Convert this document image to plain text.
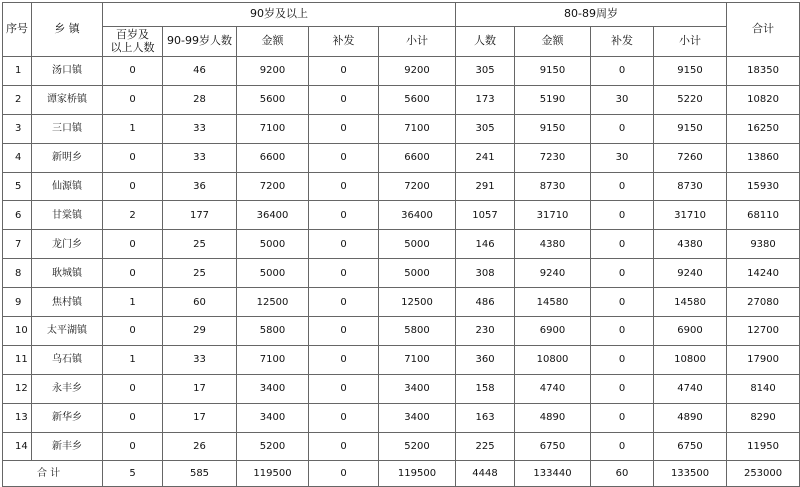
序号	乡 镇	90岁及以上					80-89周岁				合计

		百岁及
以上人数	90-99岁人数	金额	补发	小计	人数	金额	补发	小计	
1	汤口镇	0	46	9200	0	9200	305	9150	0	9150	18350
2	谭家桥镇	0	28	5600	0	5600	173	5190	30	5220	10820
3	三口镇	1	33	7100	0	7100	305	9150	0	9150	16250
4	新明乡	0	33	6600	0	6600	241	7230	30	7260	13860
5	仙源镇	0	36	7200	0	7200	291	8730	0	8730	15930
6	甘棠镇	2	177	36400	0	36400	1057	31710	0	31710	68110
7	龙门乡	0	25	5000	0	5000	146	4380	0	4380	9380
8	耿城镇	0	25	5000	0	5000	308	9240	0	9240	14240
9	焦村镇	1	60	12500	0	12500	486	14580	0	14580	27080
10	太平湖镇	0	29	5800	0	5800	230	6900	0	6900	12700
11	乌石镇	1	33	7100	0	7100	360	10800	0	10800	17900
12	永丰乡	0	17	3400	0	3400	158	4740	0	4740	8140
13	新华乡	0	17	3400	0	3400	163	4890	0	4890	8290
14	新丰乡	0	26	5200	0	5200	225	6750	0	6750	11950
合 计		5	585	119500	0	119500	4448	133440	60	133500	253000
